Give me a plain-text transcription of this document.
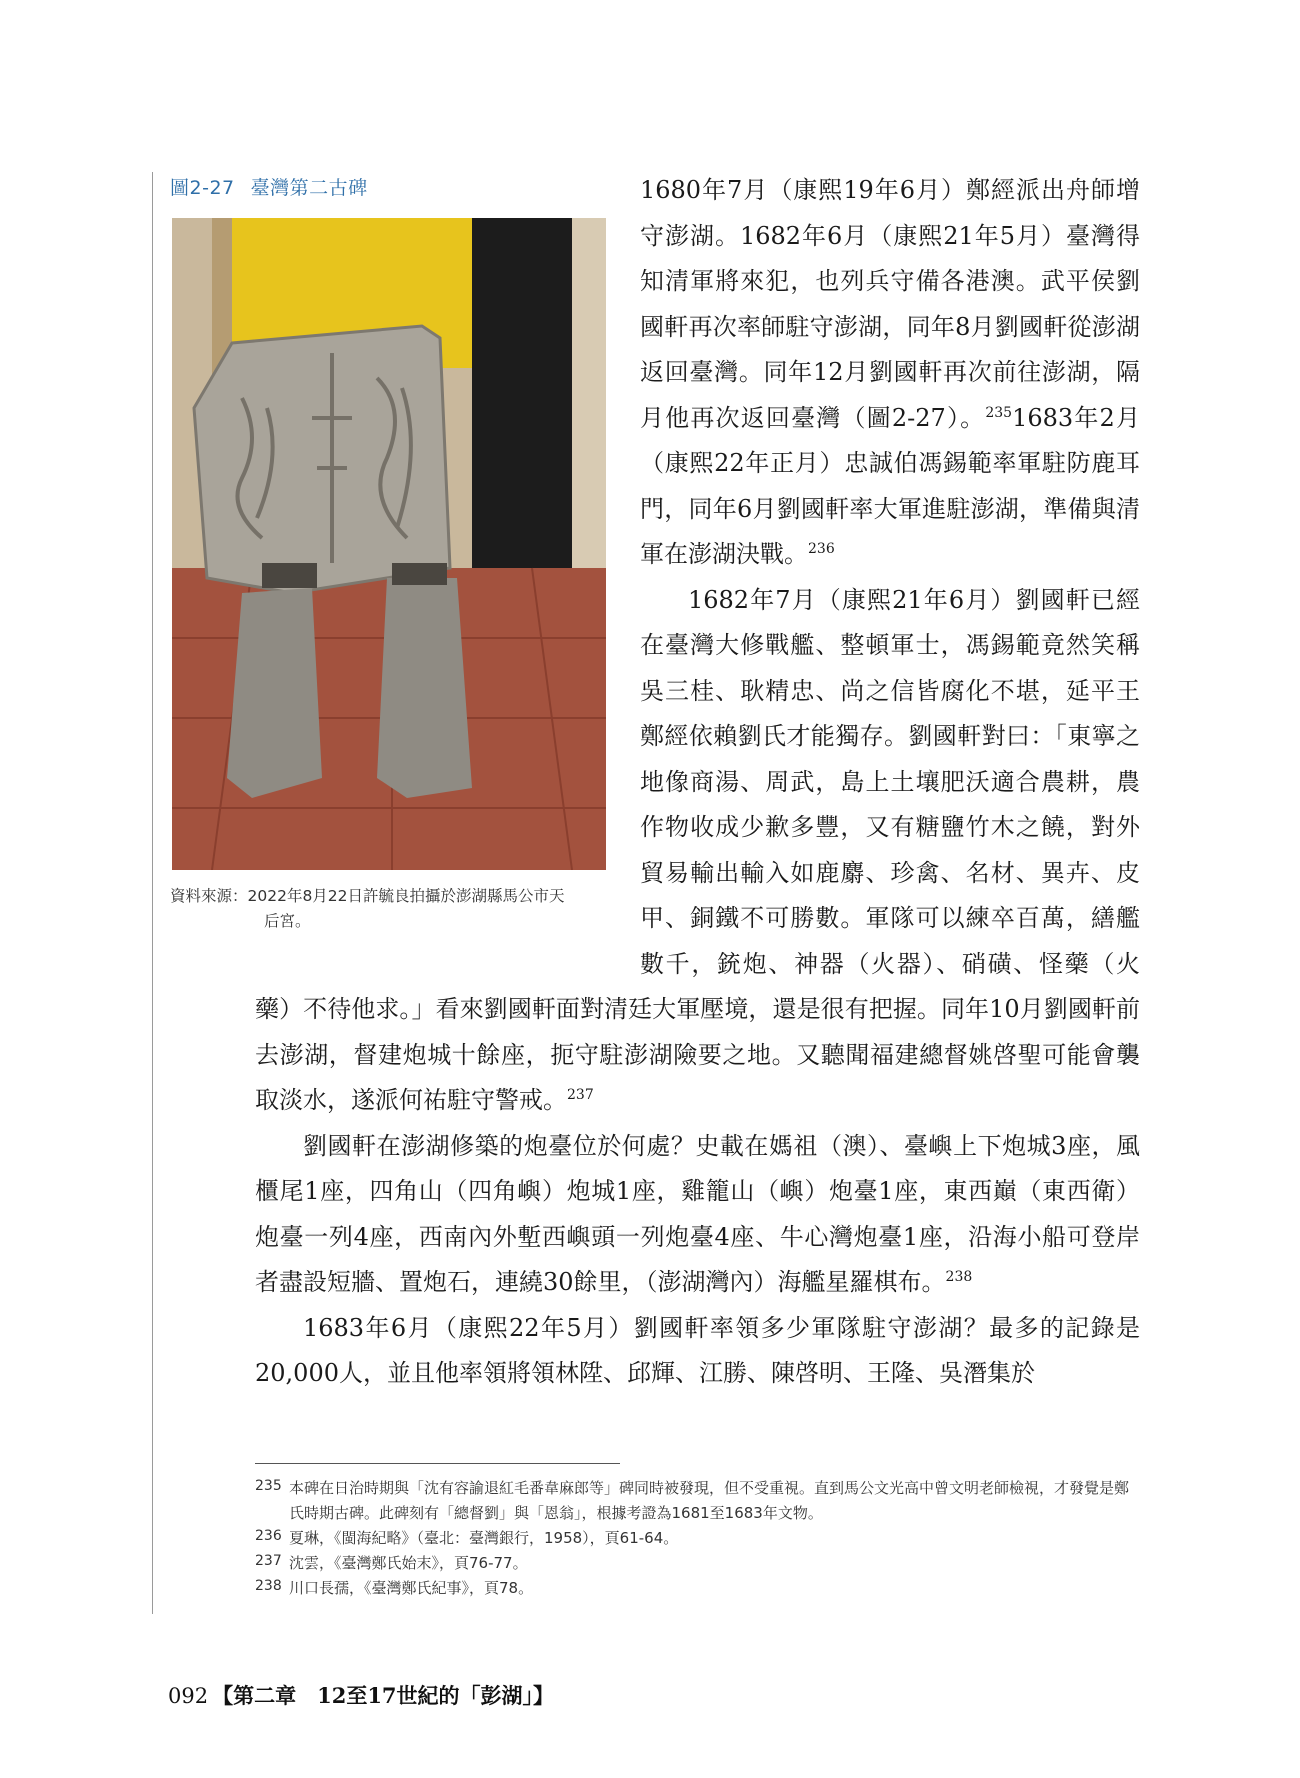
圖2-27 臺灣第二古碑
資料來源：2022年8月22日許毓良拍攝於澎湖縣馬公市天
后宮。

1680年7月（康熙19年6月）鄭經派出舟師增守澎湖。1682年6月（康熙21年5月）臺灣得知清軍將來犯，也列兵守備各港澳。武平侯劉國軒再次率師駐守澎湖，同年8月劉國軒從澎湖返回臺灣。同年12月劉國軒再次前往澎湖，隔月他再次返回臺灣（圖2-27）。$^{235}$1683年2月（康熙22年正月）忠誠伯馮錫範率軍駐防鹿耳門，同年6月劉國軒率大軍進駐澎湖，準備與清軍在澎湖決戰。$^{236}$

1682年7月（康熙21年6月）劉國軒已經在臺灣大修戰艦、整頓軍士，馮錫範竟然笑稱吳三桂、耿精忠、尚之信皆腐化不堪，延平王鄭經依賴劉氏才能獨存。劉國軒對曰：「東寧之地像商湯、周武，島上土壤肥沃適合農耕，農作物收成少歉多豐，又有糖鹽竹木之饒，對外貿易輸出輸入如鹿麝、珍禽、名材、異卉、皮甲、銅鐵不可勝數。軍隊可以練卒百萬，繕艦數千，銃炮、神器（火器）、硝磺、怪藥（火藥）不待他求。」看來劉國軒面對清廷大軍壓境，還是很有把握。同年10月劉國軒前去澎湖，督建炮城十餘座，扼守駐澎湖險要之地。又聽聞福建總督姚啓聖可能會襲取淡水，遂派何祐駐守警戒。$^{237}$

劉國軒在澎湖修築的炮臺位於何處？史載在媽祖（澳）、臺嶼上下炮城3座，風櫃尾1座，四角山（四角嶼）炮城1座，雞籠山（嶼）炮臺1座，東西巔（東西衛）炮臺一列4座，西南內外塹西嶼頭一列炮臺4座、牛心灣炮臺1座，沿海小船可登岸者盡設短牆、置炮石，連繞30餘里，（澎湖灣內）海艦星羅棋布。$^{238}$

1683年6月（康熙22年5月）劉國軒率領多少軍隊駐守澎湖？最多的記錄是20,000人，並且他率領將領林陞、邱輝、江勝、陳啓明、王隆、吳潛集於

235 本碑在日治時期與「沈有容諭退紅毛番韋麻郎等」碑同時被發現，但不受重視。直到馬公文光高中曾文明老師檢視，才發覺是鄭氏時期古碑。此碑刻有「總督劉」與「恩翁」，根據考證為1681至1683年文物。
236 夏琳，《閩海紀略》（臺北：臺灣銀行，1958），頁61-64。
237 沈雲，《臺灣鄭氏始末》，頁76-77。
238 川口長孺，《臺灣鄭氏紀事》，頁78。
092 【第二章　12至17世紀的「彭湖」】
